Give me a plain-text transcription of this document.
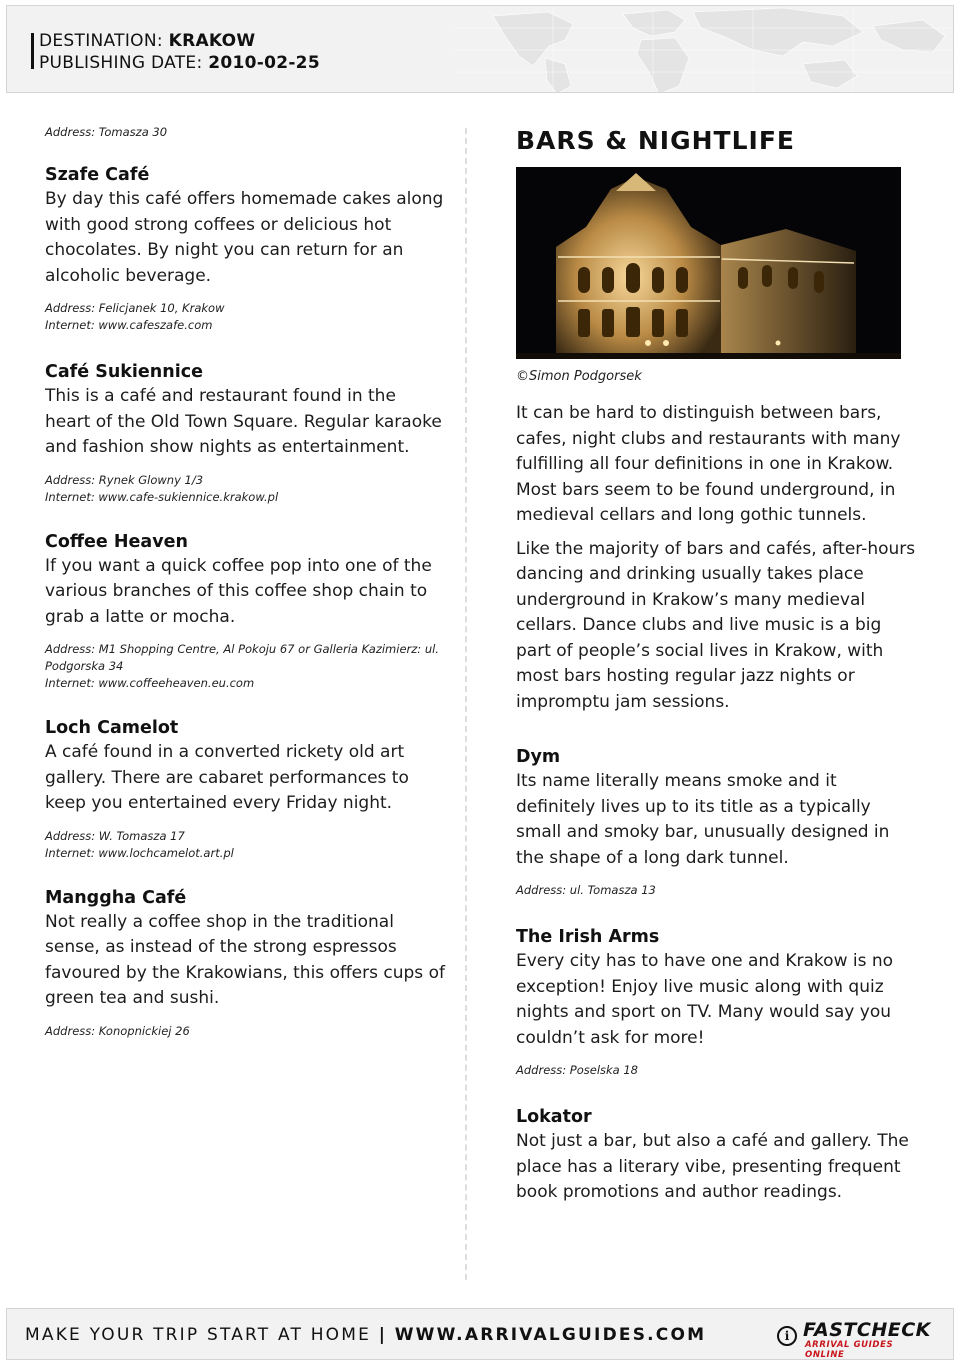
DESTINATION: KRAKOW
PUBLISHING DATE: 2010-02-25
Address: Tomasza 30
Szafe Café

By day this café offers homemade cakes along with good strong coffees or delicious hot chocolates. By night you can return for an alcoholic beverage.

Address: Felicjanek 10, Krakow
Internet: www.cafeszafe.com
Café Sukiennice

This is a café and restaurant found in the heart of the Old Town Square. Regular karaoke and fashion show nights as entertainment.

Address: Rynek Glowny 1/3
Internet: www.cafe-sukiennice.krakow.pl
Coffee Heaven

If you want a quick coffee pop into one of the various branches of this coffee shop chain to grab a latte or mocha.

Address: M1 Shopping Centre, Al Pokoju 67 or Galleria Kazimierz: ul. Podgorska 34
Internet: www.coffeeheaven.eu.com
Loch Camelot

A café found in a converted rickety old art gallery. There are cabaret performances to keep you entertained every Friday night.

Address: W. Tomasza 17
Internet: www.lochcamelot.art.pl
Manggha Café

Not really a coffee shop in the traditional sense, as instead of the strong espressos favoured by the Krakowians, this offers cups of green tea and sushi.

Address: Konopnickiej 26
BARS & NIGHTLIFE
©Simon Podgorsek

It can be hard to distinguish between bars, cafes, night clubs and restaurants with many fulfilling all four definitions in one in Krakow. Most bars seem to be found underground, in medieval cellars and long gothic tunnels.

Like the majority of bars and cafés, after-hours dancing and drinking usually takes place underground in Krakow’s many medieval cellars. Dance clubs and live music is a big part of people’s social lives in Krakow, with most bars hosting regular jazz nights or impromptu jam sessions.

Dym

Its name literally means smoke and it definitely lives up to its title as a typically small and smoky bar, unusually designed in the shape of a long dark tunnel.

Address: ul. Tomasza 13
The Irish Arms

Every city has to have one and Krakow is no exception! Enjoy live music along with quiz nights and sport on TV. Many would say you couldn’t ask for more!

Address: Poselska 18
Lokator

Not just a bar, but also a café and gallery. The place has a literary vibe, presenting frequent book promotions and author readings.

MAKE YOUR TRIP START AT HOME | WWW.ARRIVALGUIDES.COM	i FASTCHECK
ARRIVAL GUIDES ONLINE
